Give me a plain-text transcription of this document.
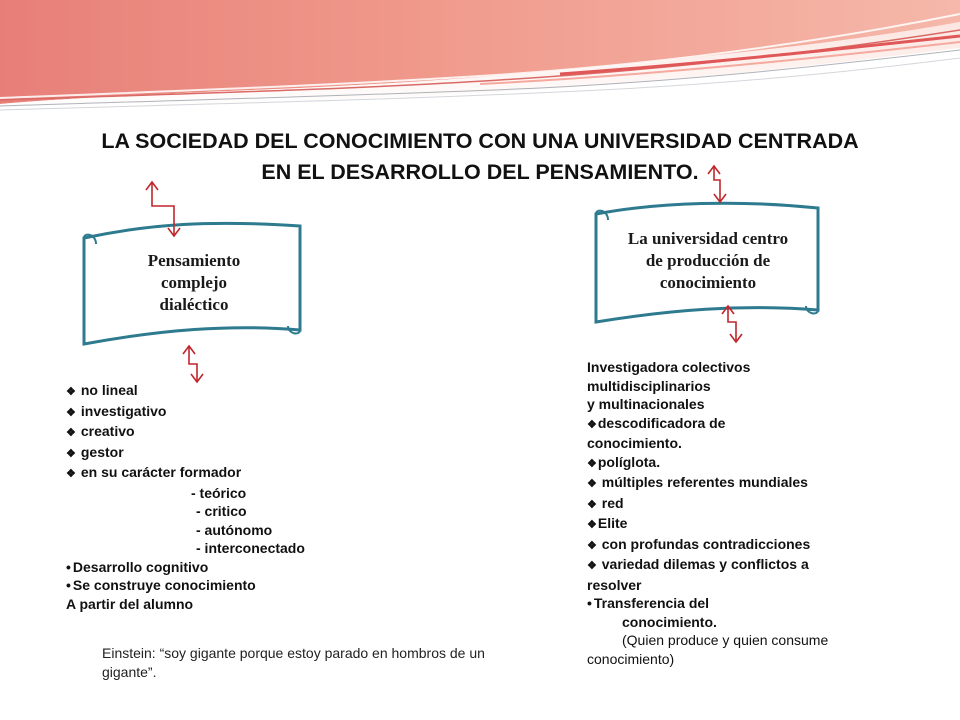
LA SOCIEDAD DEL CONOCIMIENTO CON UNA UNIVERSIDAD CENTRADA
EN EL DESARROLLO DEL PENSAMIENTO.
Pensamiento
complejo
dialéctico
La universidad centro
de producción de
conocimiento
❖ no lineal
❖ investigativo
❖ creativo
❖ gestor
❖ en su carácter formador
- teórico
- critico
- autónomo
- interconectado
• Desarrollo cognitivo
• Se construye conocimiento
A partir del alumno
Investigadora colectivos
multidisciplinarios
y multinacionales
❖descodificadora de
conocimiento.
❖políglota.
❖ múltiples referentes mundiales
❖ red
❖Elite
❖ con profundas contradicciones
❖ variedad dilemas y conflictos a
resolver
• Transferencia del
conocimiento.
(Quien produce y quien consume
conocimiento)
Einstein: “soy gigante porque estoy parado en hombros de un
gigante”.
